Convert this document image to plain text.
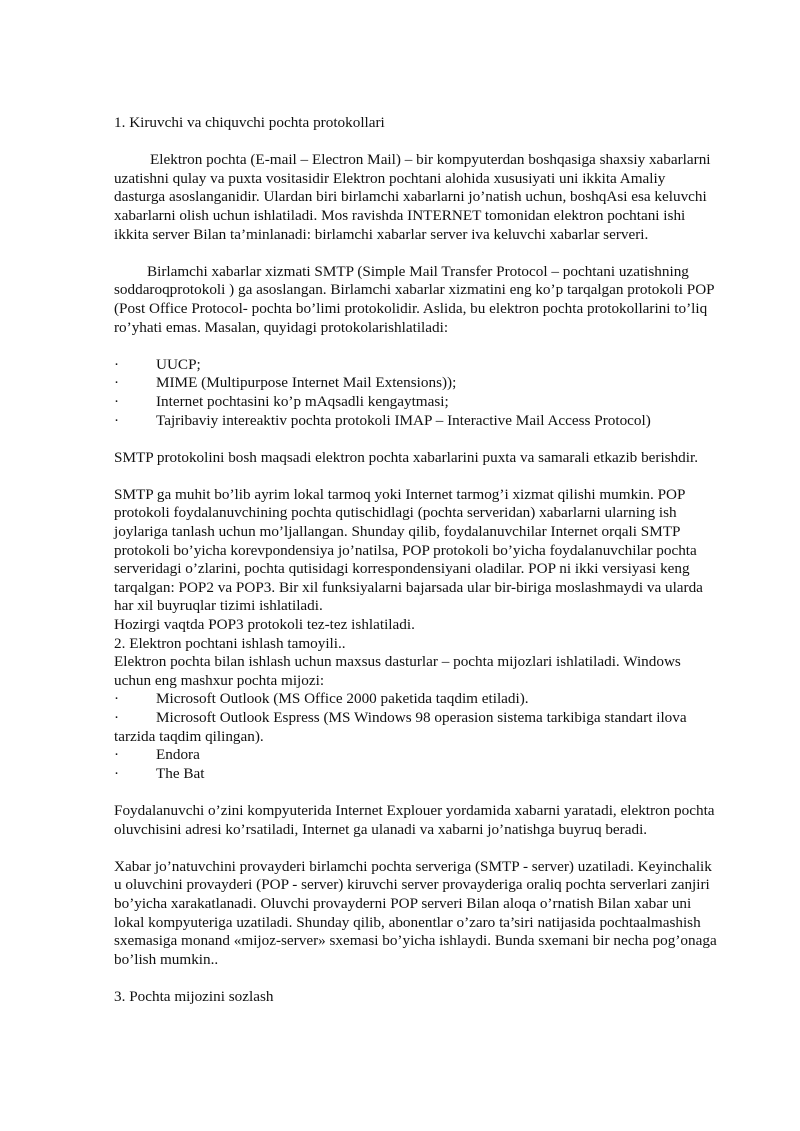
1. Kiruvchi va chiquvchi pochta protokollari

Elektron pochta (E-mail – Electron Mail) – bir kompyuterdan boshqasiga shaxsiy xabarlarni uzatishni qulay va puxta vositasidir Elektron pochtani alohida xususiyati uni ikkita Amaliy dasturga asoslanganidir. Ulardan biri birlamchi xabarlarni jo’natish uchun, boshqAsi esa keluvchi xabarlarni olish uchun ishlatiladi. Mos ravishda INTERNET tomonidan elektron pochtani ishi ikkita server Bilan ta’minlanadi: birlamchi xabarlar server iva keluvchi xabarlar serveri.

Birlamchi xabarlar xizmati SMTP (Simple Mail Transfer Protocol – pochtani uzatishning soddaroqprotokoli ) ga asoslangan. Birlamchi xabarlar xizmatini eng ko’p tarqalgan protokoli POP (Post Office Protocol- pochta bo’limi protokolidir. Aslida, bu elektron pochta protokollarini to’liq ro’yhati emas. Masalan, quyidagi protokolarishlatiladi:

· UUCP;
· MIME (Multipurpose Internet Mail Extensions));
· Internet pochtasini ko’p mAqsadli kengaytmasi;
· Tajribaviy intereaktiv pochta protokoli IMAP – Interactive Mail Access Protocol)

SMTP protokolini bosh maqsadi elektron pochta xabarlarini puxta va samarali etkazib berishdir.

SMTP ga muhit bo’lib ayrim lokal tarmoq yoki Internet tarmog’i xizmat qilishi mumkin. POP protokoli foydalanuvchining pochta qutischidlagi (pochta serveridan) xabarlarni ularning ish joylariga tanlash uchun mo’ljallangan. Shunday qilib, foydalanuvchilar Internet orqali SMTP protokoli bo’yicha korevpondensiya jo’natilsa, POP protokoli bo’yicha foydalanuvchilar pochta serveridagi o’zlarini, pochta qutisidagi korrespondensiyani oladilar. POP ni ikki versiyasi keng tarqalgan: POP2 va POP3. Bir xil funksiyalarni bajarsada ular bir-biriga moslashmaydi va ularda har xil buyruqlar tizimi ishlatiladi.

Hozirgi vaqtda POP3 protokoli tez-tez ishlatiladi.

2. Elektron pochtani ishlash tamoyili..

Elektron pochta bilan ishlash uchun maxsus dasturlar – pochta mijozlari ishlatiladi. Windows uchun eng mashxur pochta mijozi:

· Microsoft Outlook (MS Office 2000 paketida taqdim etiladi).
· Microsoft Outlook Espress (MS Windows 98 operasion sistema tarkibiga standart ilova tarzida taqdim qilingan).
· Endora
· The Bat

Foydalanuvchi o’zini kompyuterida Internet Explouer yordamida xabarni yaratadi, elektron pochta oluvchisini adresi ko’rsatiladi, Internet ga ulanadi va xabarni jo’natishga buyruq beradi.

Xabar jo’natuvchini provayderi birlamchi pochta serveriga (SMTP - server) uzatiladi. Keyinchalik u oluvchini provayderi (POP - server) kiruvchi server provayderiga oraliq pochta serverlari zanjiri bo’yicha xarakatlanadi. Oluvchi provayderni POP serveri Bilan aloqa o’rnatish Bilan xabar uni lokal kompyuteriga uzatiladi. Shunday qilib, abonentlar o’zaro ta’siri natijasida pochtaalmashish sxemasiga monand «mijoz-server» sxemasi bo’yicha ishlaydi. Bunda sxemani bir necha pog’onaga bo’lish mumkin..

3. Pochta mijozini sozlash
